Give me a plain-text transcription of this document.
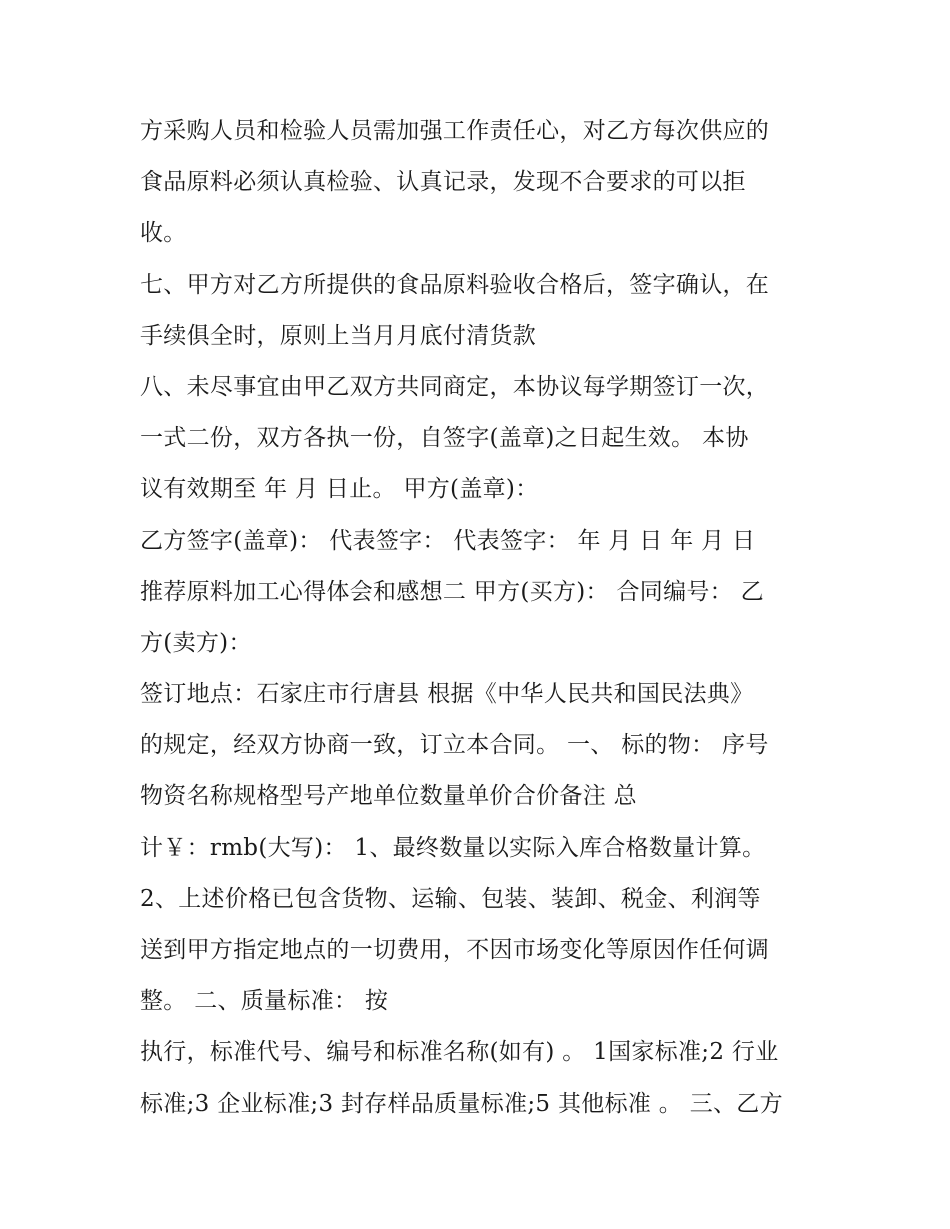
方采购人员和检验人员需加强工作责任心，对乙方每次供应的
食品原料必须认真检验、认真记录，发现不合要求的可以拒
收。
七、甲方对乙方所提供的食品原料验收合格后，签字确认，在
手续俱全时，原则上当月月底付清货款
八、未尽事宜由甲乙双方共同商定，本协议每学期签订一次，
一式二份，双方各执一份，自签字(盖章)之日起生效。 本协
议有效期至 年 月 日止。 甲方(盖章)：
乙方签字(盖章)： 代表签字： 代表签字： 年 月 日 年 月 日
推荐原料加工心得体会和感想二 甲方(买方)： 合同编号： 乙
方(卖方)：
签订地点：石家庄市行唐县 根据《中华人民共和国民法典》
的规定，经双方协商一致，订立本合同。 一、 标的物： 序号
物资名称规格型号产地单位数量单价合价备注 总
计￥：rmb(大写)： 1、最终数量以实际入库合格数量计算。
2、上述价格已包含货物、运输、包装、装卸、税金、利润等
送到甲方指定地点的一切费用，不因市场变化等原因作任何调
整。 二、质量标准： 按
执行，标准代号、编号和标准名称(如有) 。 1国家标准;2 行业
标准;3 企业标准;3 封存样品质量标准;5 其他标准 。 三、乙方
